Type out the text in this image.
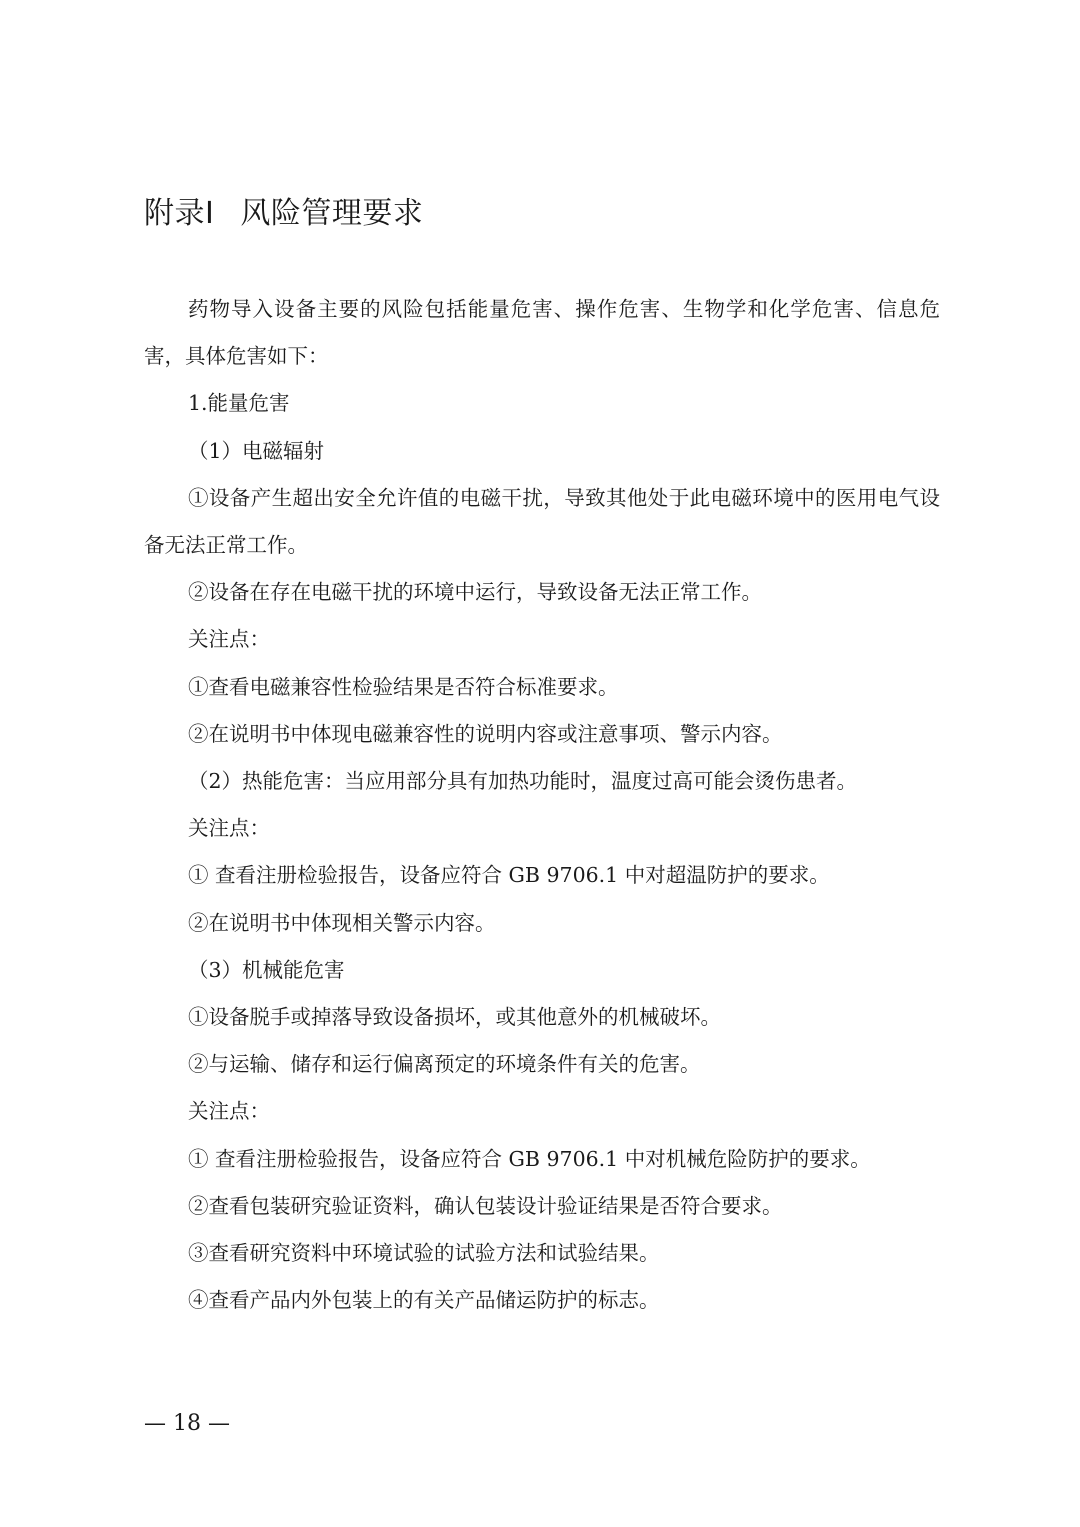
附录I 风险管理要求

药物导入设备主要的风险包括能量危害、操作危害、生物学和化学危害、信息危害，具体危害如下：

1.能量危害

（1）电磁辐射

①设备产生超出安全允许值的电磁干扰，导致其他处于此电磁环境中的医用电气设备无法正常工作。

②设备在存在电磁干扰的环境中运行，导致设备无法正常工作。

关注点：

①查看电磁兼容性检验结果是否符合标准要求。

②在说明书中体现电磁兼容性的说明内容或注意事项、警示内容。

（2）热能危害：当应用部分具有加热功能时，温度过高可能会烫伤患者。

关注点：

① 查看注册检验报告，设备应符合 GB 9706.1 中对超温防护的要求。

②在说明书中体现相关警示内容。

（3）机械能危害

①设备脱手或掉落导致设备损坏，或其他意外的机械破坏。

②与运输、储存和运行偏离预定的环境条件有关的危害。

关注点：

① 查看注册检验报告，设备应符合 GB 9706.1 中对机械危险防护的要求。

②查看包装研究验证资料，确认包装设计验证结果是否符合要求。

③查看研究资料中环境试验的试验方法和试验结果。

④查看产品内外包装上的有关产品储运防护的标志。

— 18 —
